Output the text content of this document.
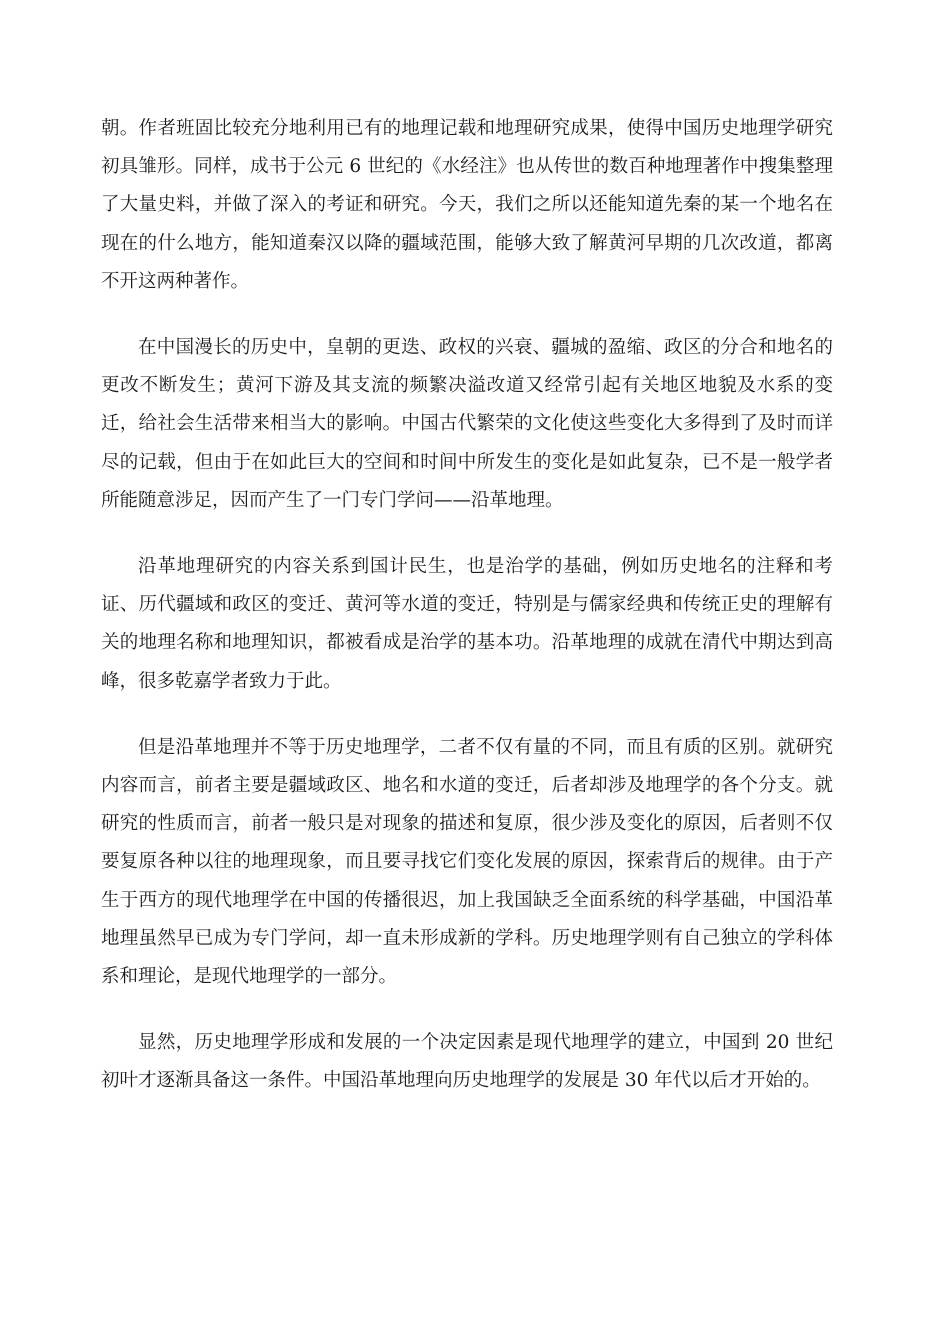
朝。作者班固比较充分地利用已有的地理记载和地理研究成果，使得中国历史地理学研究初具雏形。同样，成书于公元 6 世纪的《水经注》也从传世的数百种地理著作中搜集整理了大量史料，并做了深入的考证和研究。今天，我们之所以还能知道先秦的某一个地名在现在的什么地方，能知道秦汉以降的疆域范围，能够大致了解黄河早期的几次改道，都离不开这两种著作。

在中国漫长的历史中，皇朝的更迭、政权的兴衰、疆城的盈缩、政区的分合和地名的更改不断发生；黄河下游及其支流的频繁决溢改道又经常引起有关地区地貌及水系的变迁，给社会生活带来相当大的影响。中国古代繁荣的文化使这些变化大多得到了及时而详尽的记载，但由于在如此巨大的空间和时间中所发生的变化是如此复杂，已不是一般学者所能随意涉足，因而产生了一门专门学问——沿革地理。

沿革地理研究的内容关系到国计民生，也是治学的基础，例如历史地名的注释和考证、历代疆域和政区的变迁、黄河等水道的变迁，特别是与儒家经典和传统正史的理解有关的地理名称和地理知识，都被看成是治学的基本功。沿革地理的成就在清代中期达到高峰，很多乾嘉学者致力于此。

但是沿革地理并不等于历史地理学，二者不仅有量的不同，而且有质的区别。就研究内容而言，前者主要是疆域政区、地名和水道的变迁，后者却涉及地理学的各个分支。就研究的性质而言，前者一般只是对现象的描述和复原，很少涉及变化的原因，后者则不仅要复原各种以往的地理现象，而且要寻找它们变化发展的原因，探索背后的规律。由于产生于西方的现代地理学在中国的传播很迟，加上我国缺乏全面系统的科学基础，中国沿革地理虽然早已成为专门学问，却一直未形成新的学科。历史地理学则有自己独立的学科体系和理论，是现代地理学的一部分。

显然，历史地理学形成和发展的一个决定因素是现代地理学的建立，中国到 20 世纪初叶才逐渐具备这一条件。中国沿革地理向历史地理学的发展是 30 年代以后才开始的。
